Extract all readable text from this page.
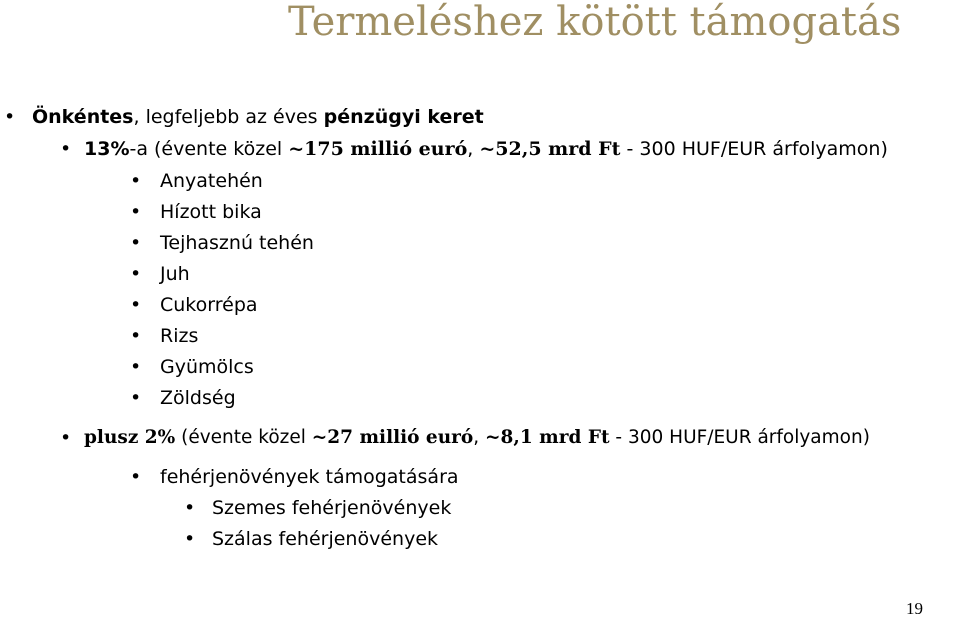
Termeléshez kötött támogatás
• Önkéntes, legfeljebb az éves pénzügyi keret
• 13%-a (évente közel ~175 millió euró, ~52,5 mrd Ft - 300 HUF/EUR árfolyamon)
• Anyatehén
• Hízott bika
• Tejhasznú tehén
• Juh
• Cukorrépa
• Rizs
• Gyümölcs
• Zöldség
• plusz 2% (évente közel ~27 millió euró, ~8,1 mrd Ft - 300 HUF/EUR árfolyamon)
• fehérjenövények támogatására
• Szemes fehérjenövények
• Szálas fehérjenövények
19
